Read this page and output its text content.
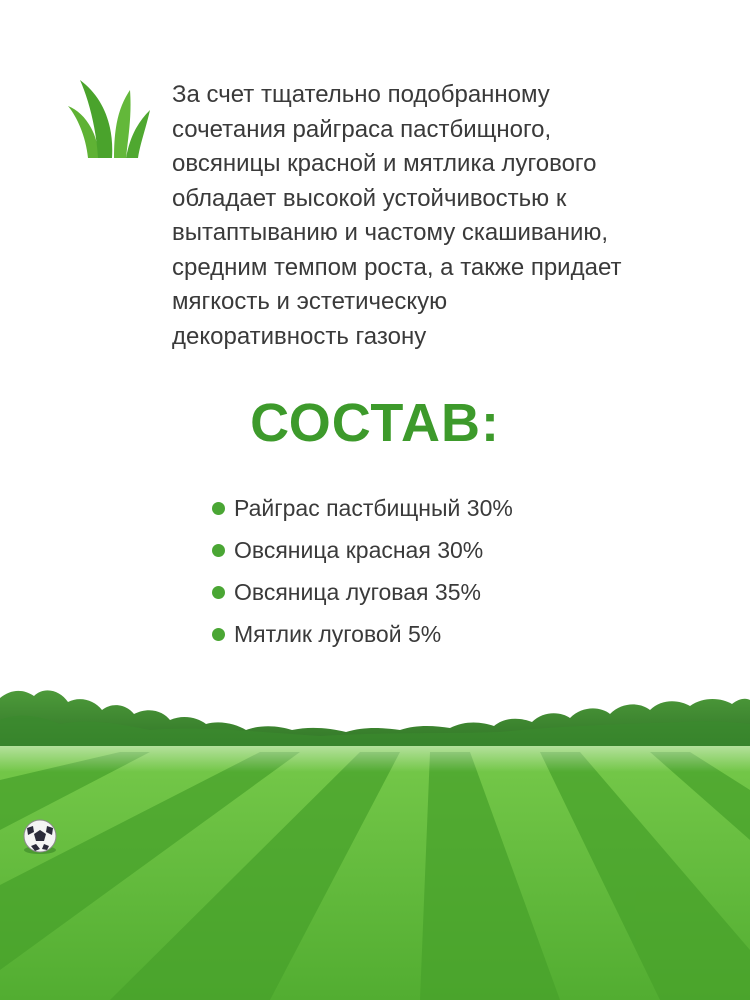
За счет тщательно подобранному
сочетания райграса пастбищного,
овсяницы красной и мятлика лугового
обладает высокой устойчивостью к
вытаптыванию и частому скашиванию,
средним темпом роста, а также придает
мягкость и эстетическую
декоративность газону

СОСТАВ:
Райграс пастбищный 30%
Овсяница красная 30%
Овсяница луговая 35%
Мятлик луговой 5%
